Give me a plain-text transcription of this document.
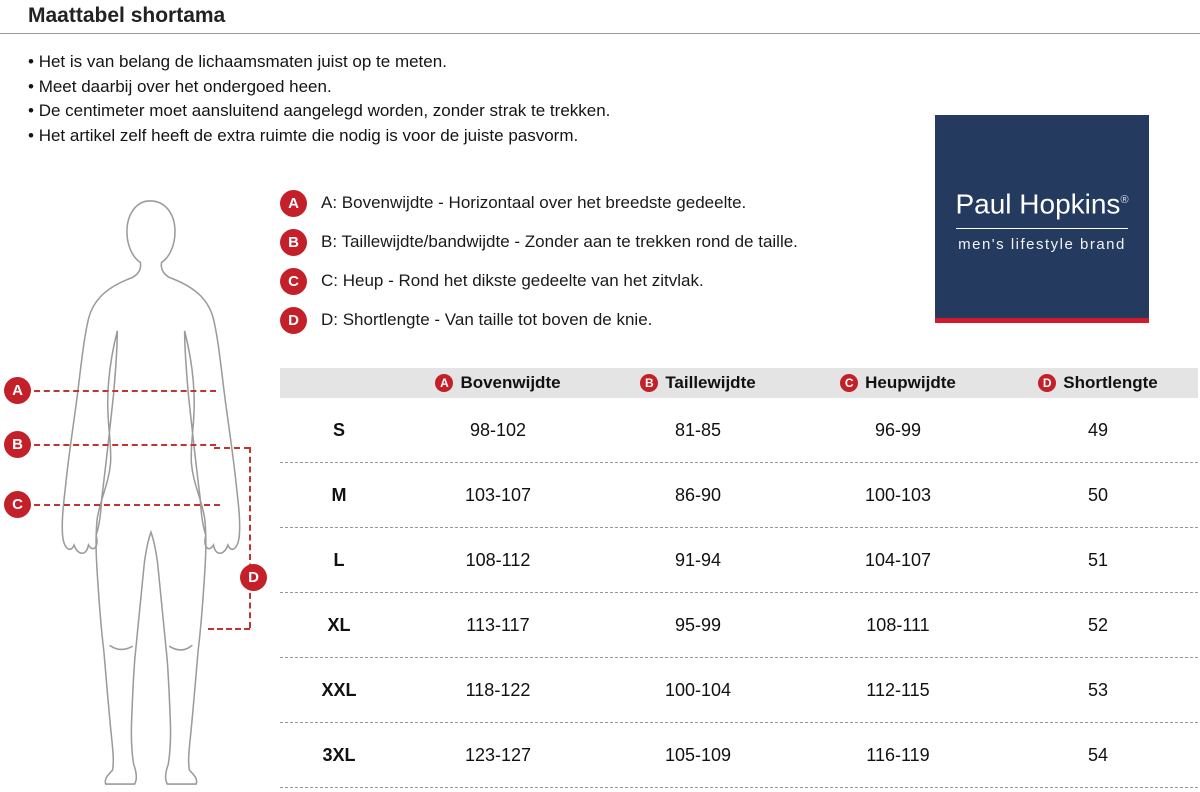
Maattabel shortama
• Het is van belang de lichaamsmaten juist op te meten.
• Meet daarbij over het ondergoed heen.
• De centimeter moet aansluitend aangelegd worden, zonder strak te trekken.
• Het artikel zelf heeft de extra ruimte die nodig is voor de juiste pasvorm.
A
B
C
D
A	A: Bovenwijdte - Horizontaal over het breedste gedeelte.
B	B: Taillewijdte/bandwijdte - Zonder aan te trekken rond de taille.
C	C: Heup - Rond het dikste gedeelte van het zitvlak.
D	D: Shortlengte - Van taille tot boven de knie.
Paul Hopkins®
men's lifestyle brand
A Bovenwijdte	B Taillewijdte	C Heupwijdte	D Shortlengte
S	98-102	81-85	96-99	49
M	103-107	86-90	100-103	50
L	108-112	91-94	104-107	51
XL	113-117	95-99	108-111	52
XXL	118-122	100-104	112-115	53
3XL	123-127	105-109	116-119	54
